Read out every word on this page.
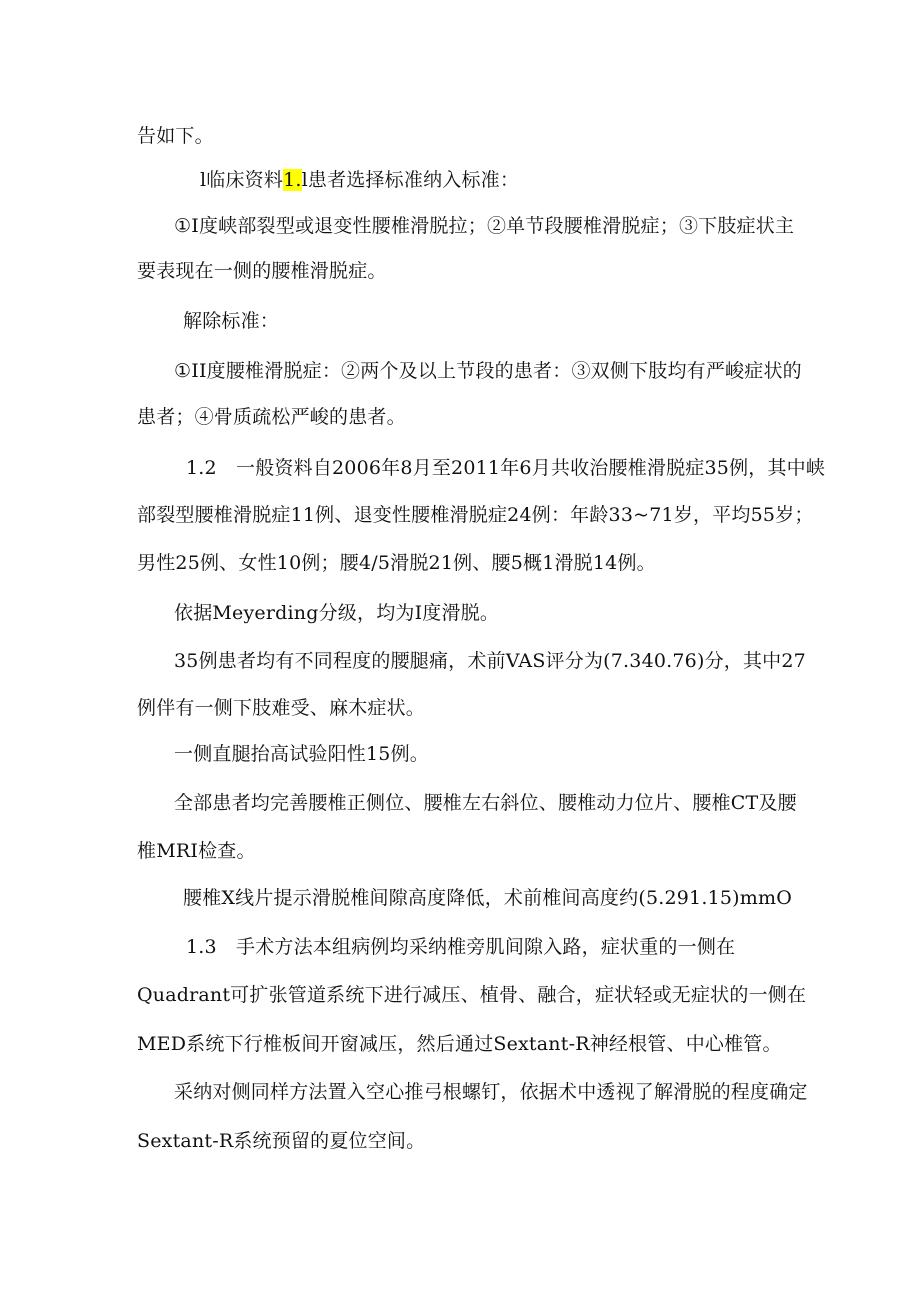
告如下。
l临床资料1.l患者选择标准纳入标准：
①I度峡部裂型或退变性腰椎滑脱拉；②单节段腰椎滑脱症；③下肢症状主
要表现在一侧的腰椎滑脱症。
解除标准：
①II度腰椎滑脱症：②两个及以上节段的患者：③双侧下肢均有严峻症状的
患者；④骨质疏松严峻的患者。
1.2　一般资料自2006年8月至2011年6月共收治腰椎滑脱症35例，其中峡
部裂型腰椎滑脱症11例、退变性腰椎滑脱症24例：年龄33~71岁，平均55岁；
男性25例、女性10例；腰4/5滑脱21例、腰5概1滑脱14例。
依据Meyerding分级，均为I度滑脱。
35例患者均有不同程度的腰腿痛，术前VAS评分为(7.340.76)分，其中27
例伴有一侧下肢难受、麻木症状。
一侧直腿抬高试验阳性15例。
全部患者均完善腰椎正侧位、腰椎左右斜位、腰椎动力位片、腰椎CT及腰
椎MRI检查。
腰椎X线片提示滑脱椎间隙高度降低，术前椎间高度约(5.291.15)mmO
1.3　手术方法本组病例均采纳椎旁肌间隙入路，症状重的一侧在
Quadrant可扩张管道系统下进行减压、植骨、融合，症状轻或无症状的一侧在
MED系统下行椎板间开窗减压，然后通过Sextant-R神经根管、中心椎管。
采纳对侧同样方法置入空心推弓根螺钉，依据术中透视了解滑脱的程度确定
Sextant-R系统预留的夏位空间。
